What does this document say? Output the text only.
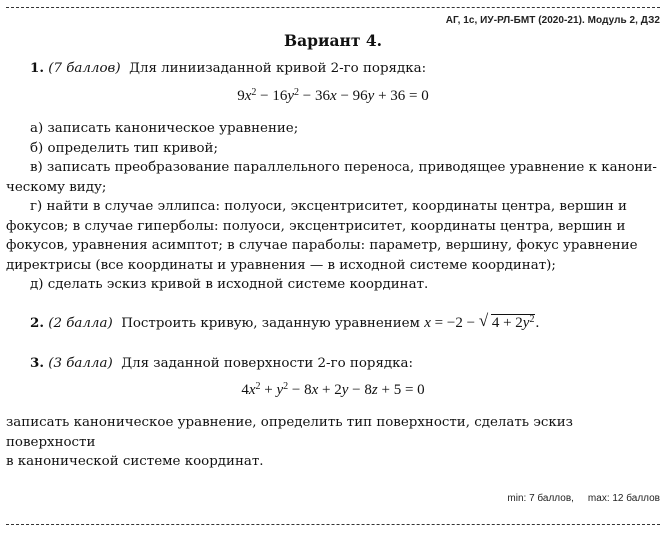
АГ, 1с, ИУ-РЛ-БМТ (2020-21). Модуль 2, ДЗ2
Вариант 4.
1. (7 баллов) Для линиизаданной кривой 2-го порядка:
$9x^2 - 16y^2 - 36x - 96y + 36 = 0$
а) записать каноническое уравнение;
б) определить тип кривой;
в) записать преобразование параллельного переноса, приводящее уравнение к канони-
ческому виду;
г) найти в случае эллипса: полуоси, эксцентриситет, координаты центра, вершин и
фокусов; в случае гиперболы: полуоси, эксцентриситет, координаты центра, вершин и
фокусов, уравнения асимптот; в случае параболы: параметр, вершину, фокус уравнение
директрисы (все координаты и уравнения — в исходной системе координат);
д) сделать эскиз кривой в исходной системе координат.
2. (2 балла) Построить кривую, заданную уравнением x = −2 − √ $4 + 2y^2$.
3. (3 балла) Для заданной поверхности 2-го порядка:
$4x^2 + y^2 - 8x + 2y - 8z + 5 = 0$
записать каноническое уравнение, определить тип поверхности, сделать эскиз поверхности
в канонической системе координат.
min: 7 баллов, max: 12 баллов
